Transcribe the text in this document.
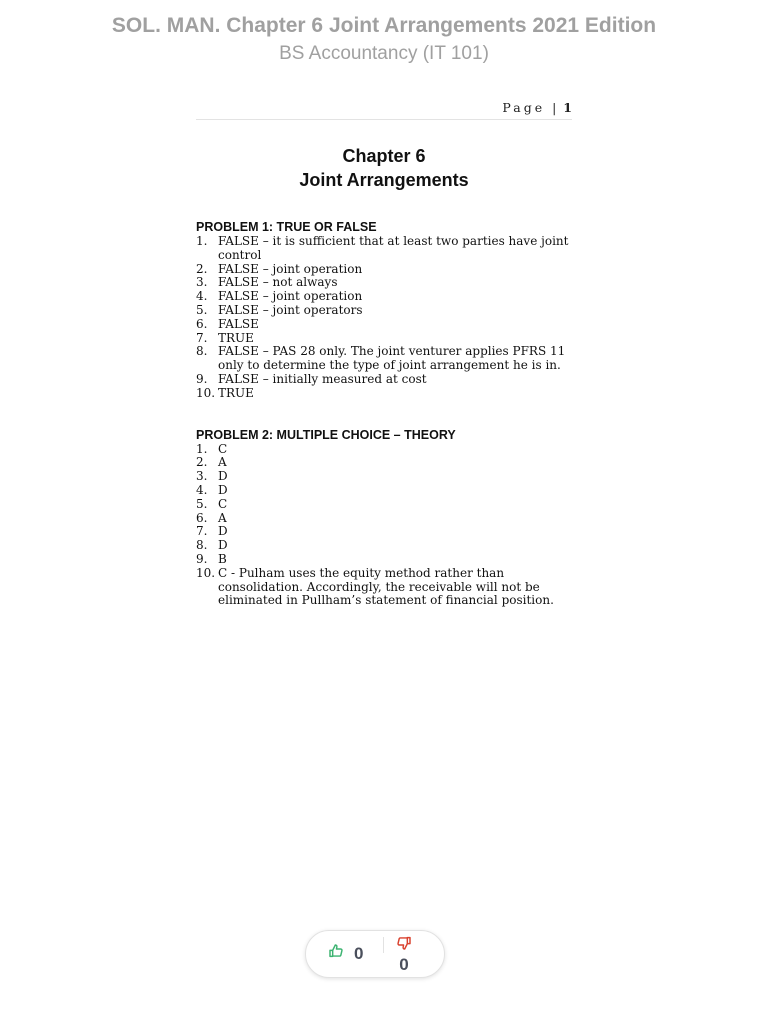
SOL. MAN. Chapter 6 Joint Arrangements 2021 Edition
BS Accountancy (IT 101)
Page | 1
Chapter 6
Joint Arrangements
PROBLEM 1: TRUE OR FALSE
1. FALSE – it is sufficient that at least two parties have joint control
2. FALSE – joint operation
3. FALSE – not always
4. FALSE – joint operation
5. FALSE – joint operators
6. FALSE
7. TRUE
8. FALSE – PAS 28 only. The joint venturer applies PFRS 11 only to determine the type of joint arrangement he is in.
9. FALSE – initially measured at cost
10. TRUE
PROBLEM 2: MULTIPLE CHOICE – THEORY
1. C
2. A
3. D
4. D
5. C
6. A
7. D
8. D
9. B
10. C - Pulham uses the equity method rather than consolidation. Accordingly, the receivable will not be eliminated in Pullham’s statement of financial position.
0
0
